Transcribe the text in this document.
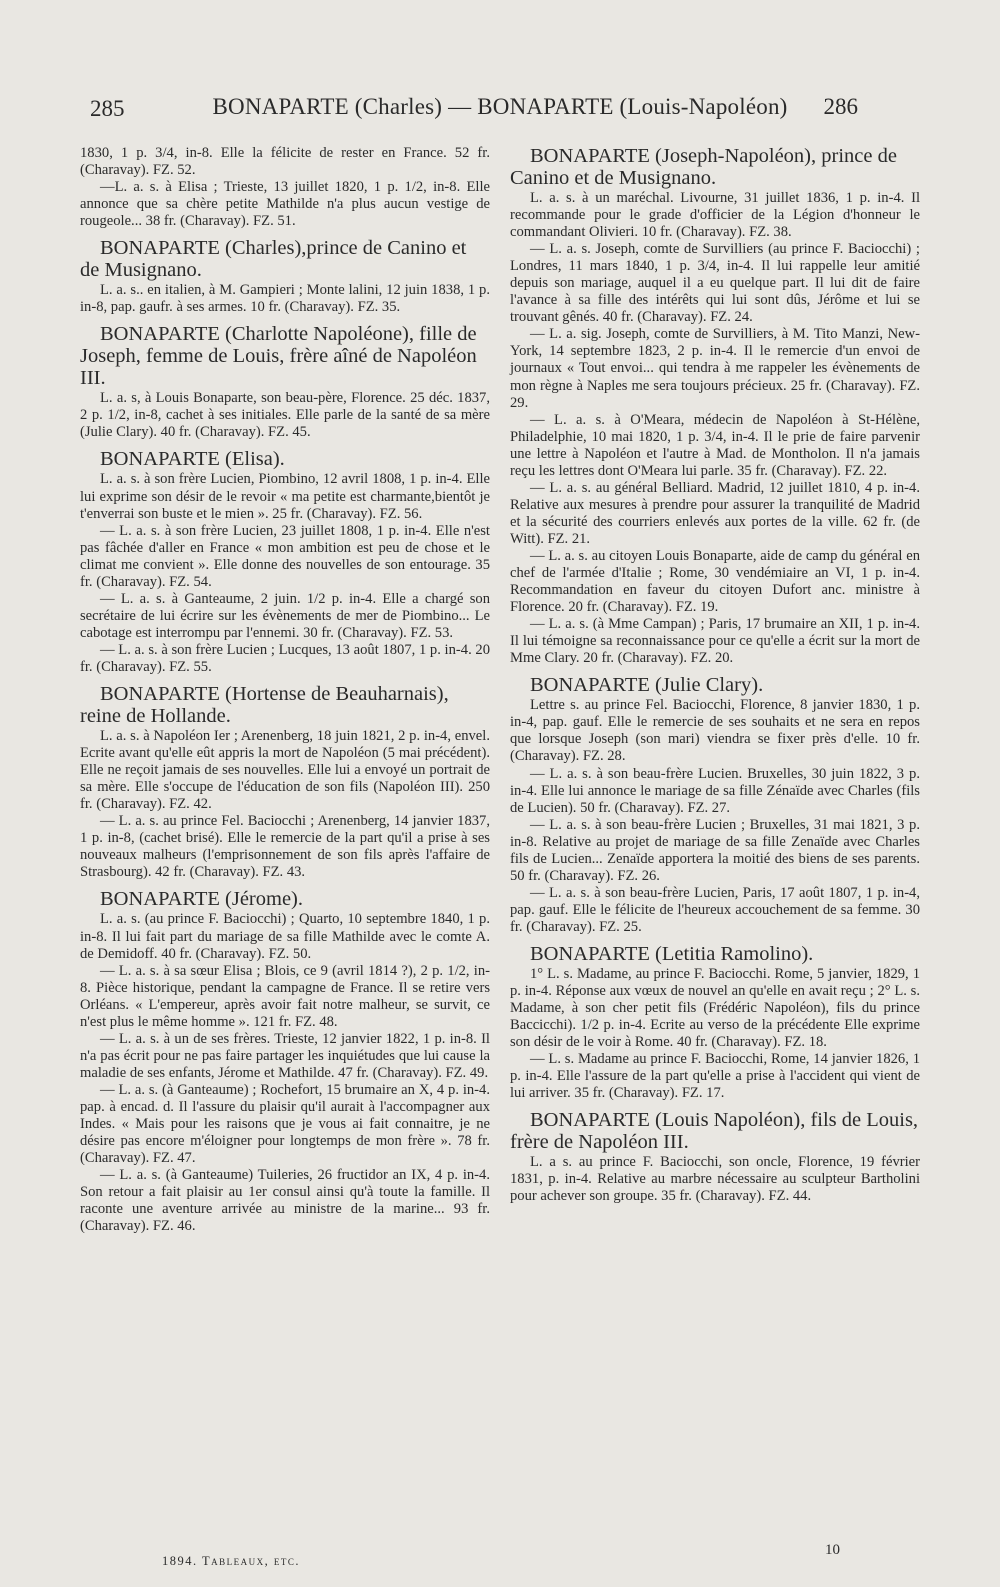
285	BONAPARTE (Charles) — BONAPARTE (Louis-Napoléon)	286

1830, 1 p. 3/4, in-8. Elle la félicite de rester en France. 52 fr. (Charavay). FZ. 52.

—L. a. s. à Elisa ; Trieste, 13 juillet 1820, 1 p. 1/2, in-8. Elle annonce que sa chère petite Mathilde n'a plus aucun vestige de rougeole... 38 fr. (Charavay). FZ. 51.

BONAPARTE (Charles),prince de Canino et de Musignano.

L. a. s.. en italien, à M. Gampieri ; Monte lalini, 12 juin 1838, 1 p. in-8, pap. gaufr. à ses armes. 10 fr. (Charavay). FZ. 35.

BONAPARTE (Charlotte Napoléone), fille de Joseph, femme de Louis, frère aîné de Napoléon III.

L. a. s, à Louis Bonaparte, son beau-père, Florence. 25 déc. 1837, 2 p. 1/2, in-8, cachet à ses initiales. Elle parle de la santé de sa mère (Julie Clary). 40 fr. (Charavay). FZ. 45.

BONAPARTE (Elisa).

L. a. s. à son frère Lucien, Piombino, 12 avril 1808, 1 p. in-4. Elle lui exprime son désir de le revoir « ma petite est charmante,bientôt je t'enverrai son buste et le mien ». 25 fr. (Charavay). FZ. 56.

— L. a. s. à son frère Lucien, 23 juillet 1808, 1 p. in-4. Elle n'est pas fâchée d'aller en France « mon ambition est peu de chose et le climat me convient ». Elle donne des nouvelles de son entourage. 35 fr. (Charavay). FZ. 54.

— L. a. s. à Ganteaume, 2 juin. 1/2 p. in-4. Elle a chargé son secrétaire de lui écrire sur les évènements de mer de Piombino... Le cabotage est interrompu par l'ennemi. 30 fr. (Charavay). FZ. 53.

— L. a. s. à son frère Lucien ; Lucques, 13 août 1807, 1 p. in-4. 20 fr. (Charavay). FZ. 55.

BONAPARTE (Hortense de Beauharnais), reine de Hollande.

L. a. s. à Napoléon Ier ; Arenenberg, 18 juin 1821, 2 p. in-4, envel. Ecrite avant qu'elle eût appris la mort de Napoléon (5 mai précédent). Elle ne reçoit jamais de ses nouvelles. Elle lui a envoyé un portrait de sa mère. Elle s'occupe de l'éducation de son fils (Napoléon III). 250 fr. (Charavay). FZ. 42.

— L. a. s. au prince Fel. Baciocchi ; Arenenberg, 14 janvier 1837, 1 p. in-8, (cachet brisé). Elle le remercie de la part qu'il a prise à ses nouveaux malheurs (l'emprisonnement de son fils après l'affaire de Strasbourg). 42 fr. (Charavay). FZ. 43.

BONAPARTE (Jérome).

L. a. s. (au prince F. Baciocchi) ; Quarto, 10 septembre 1840, 1 p. in-8. Il lui fait part du mariage de sa fille Mathilde avec le comte A. de Demidoff. 40 fr. (Charavay). FZ. 50.

— L. a. s. à sa sœur Elisa ; Blois, ce 9 (avril 1814 ?), 2 p. 1/2, in-8. Pièce historique, pendant la campagne de France. Il se retire vers Orléans. « L'empereur, après avoir fait notre malheur, se survit, ce n'est plus le même homme ». 121 fr. FZ. 48.

— L. a. s. à un de ses frères. Trieste, 12 janvier 1822, 1 p. in-8. Il n'a pas écrit pour ne pas faire partager les inquiétudes que lui cause la maladie de ses enfants, Jérome et Mathilde. 47 fr. (Charavay). FZ. 49.

— L. a. s. (à Ganteaume) ; Rochefort, 15 brumaire an X, 4 p. in-4. pap. à encad. d. Il l'assure du plaisir qu'il aurait à l'accompagner aux Indes. « Mais pour les raisons que je vous ai fait connaitre, je ne désire pas encore m'éloigner pour longtemps de mon frère ». 78 fr. (Charavay). FZ. 47.

— L. a. s. (à Ganteaume) Tuileries, 26 fructidor an IX, 4 p. in-4. Son retour a fait plaisir au 1er consul ainsi qu'à toute la famille. Il raconte une aventure arrivée au ministre de la marine... 93 fr. (Charavay). FZ. 46.

BONAPARTE (Joseph-Napoléon), prince de Canino et de Musignano.

L. a. s. à un maréchal. Livourne, 31 juillet 1836, 1 p. in-4. Il recommande pour le grade d'officier de la Légion d'honneur le commandant Olivieri. 10 fr. (Charavay). FZ. 38.

— L. a. s. Joseph, comte de Survilliers (au prince F. Baciocchi) ; Londres, 11 mars 1840, 1 p. 3/4, in-4. Il lui rappelle leur amitié depuis son mariage, auquel il a eu quelque part. Il lui dit de faire l'avance à sa fille des intérêts qui lui sont dûs, Jérôme et lui se trouvant gênés. 40 fr. (Charavay). FZ. 24.

— L. a. sig. Joseph, comte de Survilliers, à M. Tito Manzi, New-York, 14 septembre 1823, 2 p. in-4. Il le remercie d'un envoi de journaux « Tout envoi... qui tendra à me rappeler les évènements de mon règne à Naples me sera toujours précieux. 25 fr. (Charavay). FZ. 29.

— L. a. s. à O'Meara, médecin de Napoléon à St-Hélène, Philadelphie, 10 mai 1820, 1 p. 3/4, in-4. Il le prie de faire parvenir une lettre à Napoléon et l'autre à Mad. de Montholon. Il n'a jamais reçu les lettres dont O'Meara lui parle. 35 fr. (Charavay). FZ. 22.

— L. a. s. au général Belliard. Madrid, 12 juillet 1810, 4 p. in-4. Relative aux mesures à prendre pour assurer la tranquilité de Madrid et la sécurité des courriers enlevés aux portes de la ville. 62 fr. (de Witt). FZ. 21.

— L. a. s. au citoyen Louis Bonaparte, aide de camp du général en chef de l'armée d'Italie ; Rome, 30 vendémiaire an VI, 1 p. in-4. Recommandation en faveur du citoyen Dufort anc. ministre à Florence. 20 fr. (Charavay). FZ. 19.

— L. a. s. (à Mme Campan) ; Paris, 17 brumaire an XII, 1 p. in-4. Il lui témoigne sa reconnaissance pour ce qu'elle a écrit sur la mort de Mme Clary. 20 fr. (Charavay). FZ. 20.

BONAPARTE (Julie Clary).

Lettre s. au prince Fel. Baciocchi, Florence, 8 janvier 1830, 1 p. in-4, pap. gauf. Elle le remercie de ses souhaits et ne sera en repos que lorsque Joseph (son mari) viendra se fixer près d'elle. 10 fr. (Charavay). FZ. 28.

— L. a. s. à son beau-frère Lucien. Bruxelles, 30 juin 1822, 3 p. in-4. Elle lui annonce le mariage de sa fille Zénaïde avec Charles (fils de Lucien). 50 fr. (Charavay). FZ. 27.

— L. a. s. à son beau-frère Lucien ; Bruxelles, 31 mai 1821, 3 p. in-8. Relative au projet de mariage de sa fille Zenaïde avec Charles fils de Lucien... Zenaïde apportera la moitié des biens de ses parents. 50 fr. (Charavay). FZ. 26.

— L. a. s. à son beau-frère Lucien, Paris, 17 août 1807, 1 p. in-4, pap. gauf. Elle le félicite de l'heureux accouchement de sa femme. 30 fr. (Charavay). FZ. 25.

BONAPARTE (Letitia Ramolino).

1° L. s. Madame, au prince F. Baciocchi. Rome, 5 janvier, 1829, 1 p. in-4. Réponse aux vœux de nouvel an qu'elle en avait reçu ; 2° L. s. Madame, à son cher petit fils (Frédéric Napoléon), fils du prince Baccicchi). 1/2 p. in-4. Ecrite au verso de la précédente Elle exprime son désir de le voir à Rome. 40 fr. (Charavay). FZ. 18.

— L. s. Madame au prince F. Baciocchi, Rome, 14 janvier 1826, 1 p. in-4. Elle l'assure de la part qu'elle a prise à l'accident qui vient de lui arriver. 35 fr. (Charavay). FZ. 17.

BONAPARTE (Louis Napoléon), fils de Louis, frère de Napoléon III.

L. a s. au prince F. Baciocchi, son oncle, Florence, 19 février 1831, p. in-4. Relative au marbre nécessaire au sculpteur Bartholini pour achever son groupe. 35 fr. (Charavay). FZ. 44.

1894. Tableaux, etc.
10
